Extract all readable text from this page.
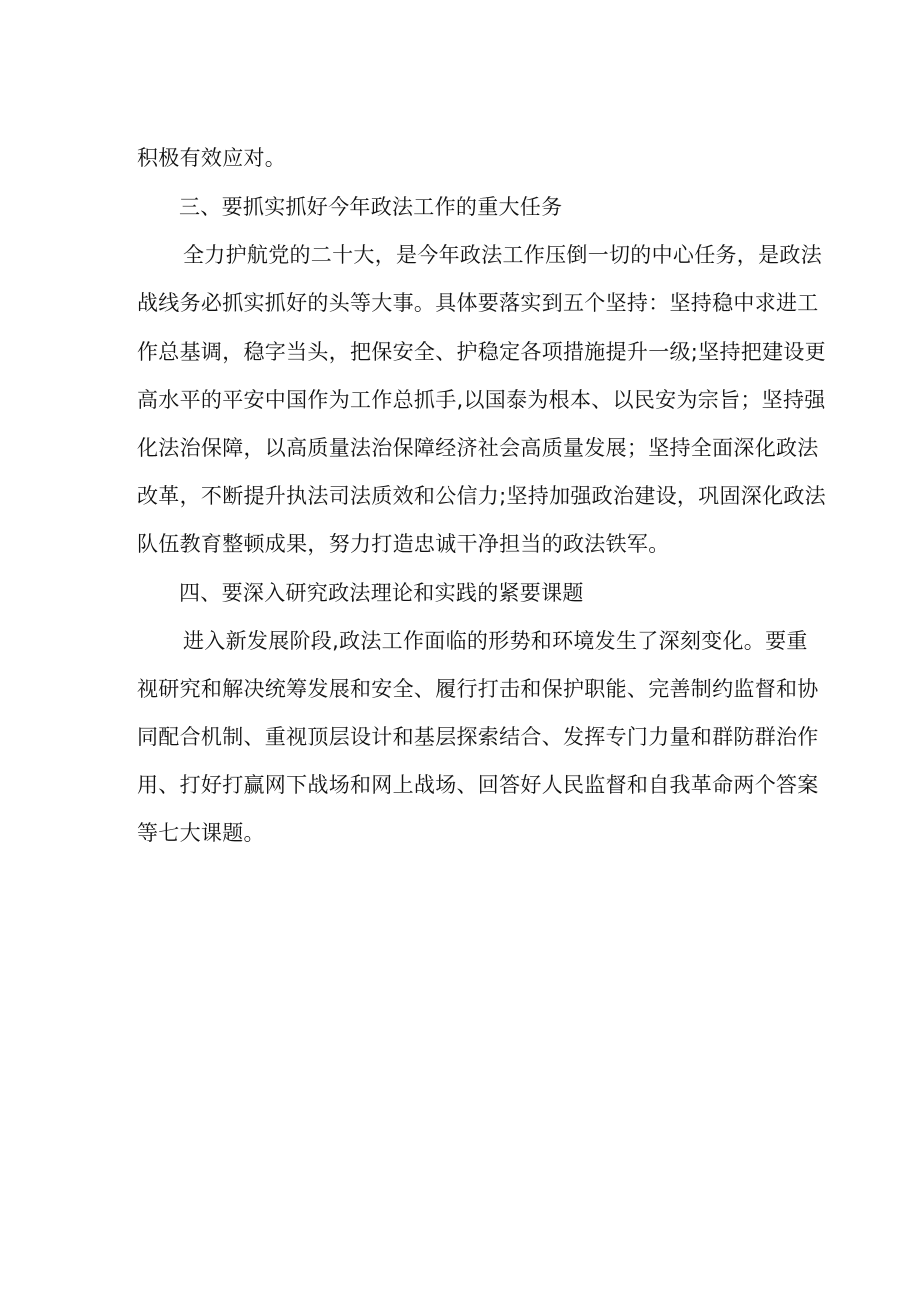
积极有效应对。
三、要抓实抓好今年政法工作的重大任务
全力护航党的二十大，是今年政法工作压倒一切的中心任务，是政法
战线务必抓实抓好的头等大事。具体要落实到五个坚持：坚持稳中求进工
作总基调，稳字当头，把保安全、护稳定各项措施提升一级;坚持把建设更
高水平的平安中国作为工作总抓手,以国泰为根本、以民安为宗旨；坚持强
化法治保障，以高质量法治保障经济社会高质量发展；坚持全面深化政法
改革，不断提升执法司法质效和公信力;坚持加强政治建设，巩固深化政法
队伍教育整顿成果，努力打造忠诚干净担当的政法铁军。
四、要深入研究政法理论和实践的紧要课题
进入新发展阶段,政法工作面临的形势和环境发生了深刻变化。要重
视研究和解决统筹发展和安全、履行打击和保护职能、完善制约监督和协
同配合机制、重视顶层设计和基层探索结合、发挥专门力量和群防群治作
用、打好打赢网下战场和网上战场、回答好人民监督和自我革命两个答案
等七大课题。
